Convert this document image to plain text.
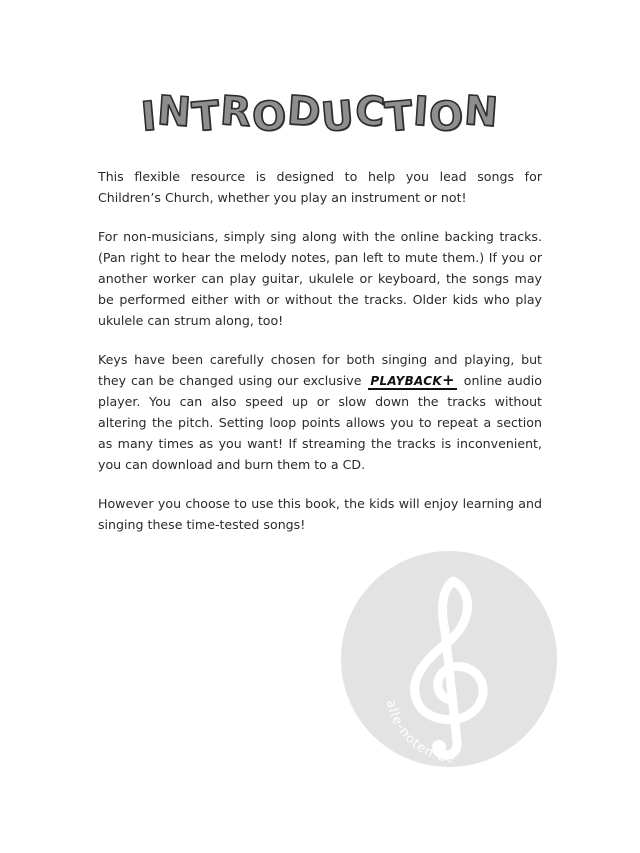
INTRODUCTION

This flexible resource is designed to help you lead songs for Children’s Church, whether you play an instrument or not!

For non-musicians, simply sing along with the online backing tracks. (Pan right to hear the melody notes, pan left to mute them.) If you or another worker can play guitar, ukulele or keyboard, the songs may be performed either with or without the tracks. Older kids who play ukulele can strum along, too!

Keys have been carefully chosen for both singing and playing, but they can be changed using our exclusive PLAYBACK+ online audio player. You can also speed up or slow down the tracks without altering the pitch. Setting loop points allows you to repeat a section as many times as you want! If streaming the tracks is inconvenient, you can download and burn them to a CD.

However you choose to use this book, the kids will enjoy learning and singing these time-tested songs!

alle-noten.de
